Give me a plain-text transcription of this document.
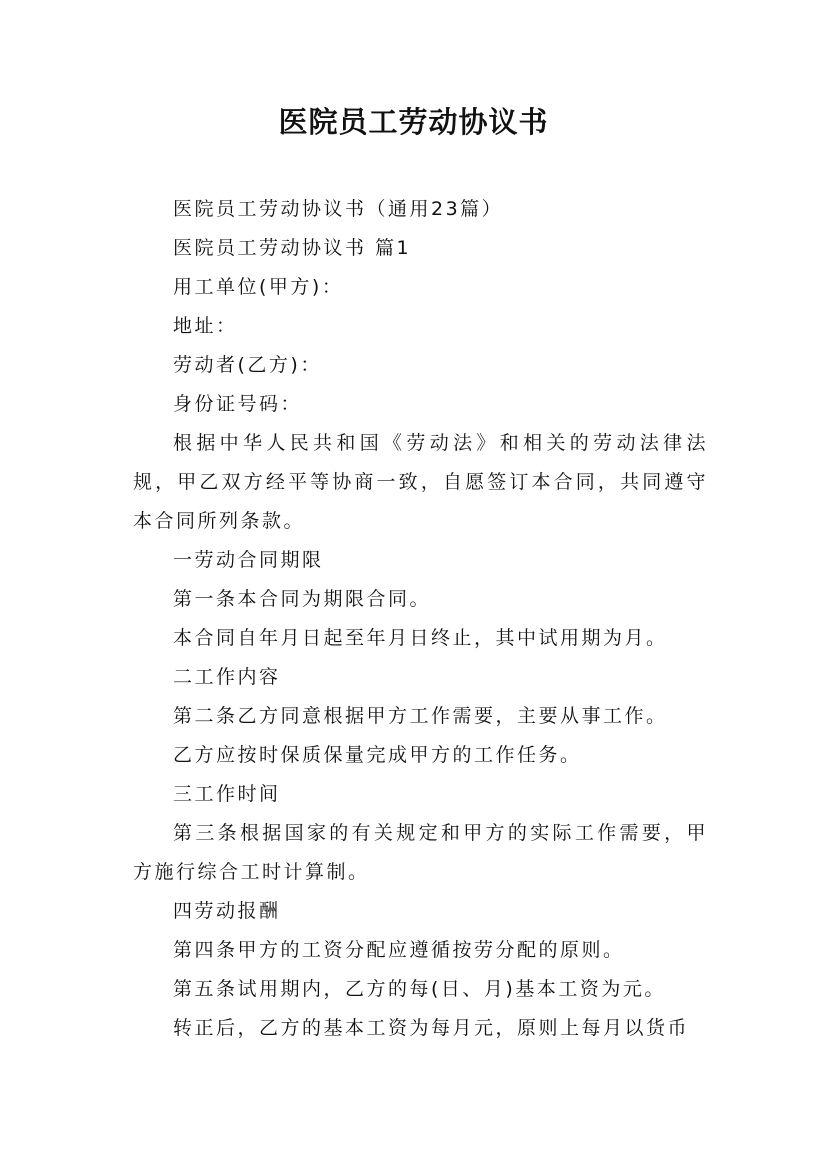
医院员工劳动协议书

医院员工劳动协议书（通用23篇）

医院员工劳动协议书 篇1

用工单位(甲方)：

地址：

劳动者(乙方)：

身份证号码：

根据中华人民共和国《劳动法》和相关的劳动法律法规，甲乙双方经平等协商一致，自愿签订本合同，共同遵守本合同所列条款。

一劳动合同期限

第一条本合同为期限合同。

本合同自年月日起至年月日终止，其中试用期为月。

二工作内容

第二条乙方同意根据甲方工作需要，主要从事工作。

乙方应按时保质保量完成甲方的工作任务。

三工作时间

第三条根据国家的有关规定和甲方的实际工作需要，甲方施行综合工时计算制。

四劳动报酬

第四条甲方的工资分配应遵循按劳分配的原则。

第五条试用期内，乙方的每(日、月)基本工资为元。

转正后，乙方的基本工资为每月元，原则上每月以货币
